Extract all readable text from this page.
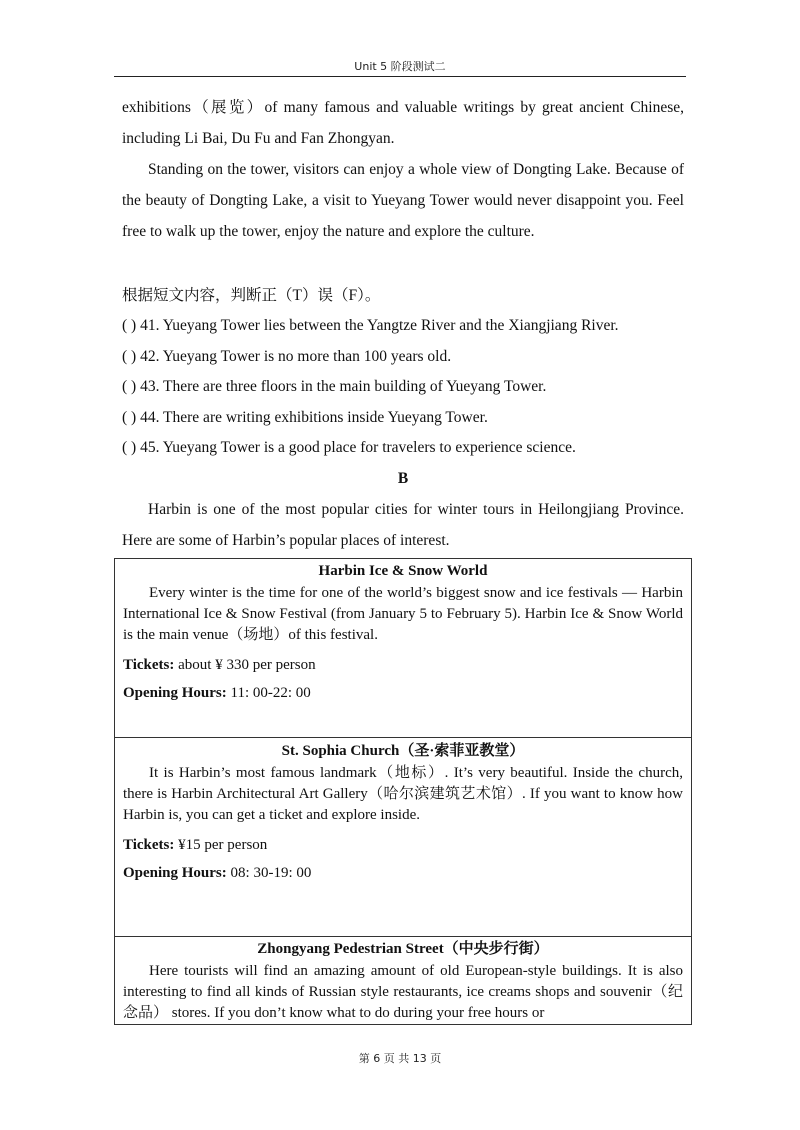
Unit 5 阶段测试二

exhibitions（展览）of many famous and valuable writings by great ancient Chinese, including Li Bai, Du Fu and Fan Zhongyan.

Standing on the tower, visitors can enjoy a whole view of Dongting Lake. Because of the beauty of Dongting Lake, a visit to Yueyang Tower would never disappoint you. Feel free to walk up the tower, enjoy the nature and explore the culture.

根据短文内容，判断正（T）误（F）。

( ) 41. Yueyang Tower lies between the Yangtze River and the Xiangjiang River.

( ) 42. Yueyang Tower is no more than 100 years old.

( ) 43. There are three floors in the main building of Yueyang Tower.

( ) 44. There are writing exhibitions inside Yueyang Tower.

( ) 45. Yueyang Tower is a good place for travelers to experience science.

B

Harbin is one of the most popular cities for winter tours in Heilongjiang Province. Here are some of Harbin’s popular places of interest.

Harbin Ice & Snow World

Every winter is the time for one of the world’s biggest snow and ice festivals — Harbin International Ice & Snow Festival (from January 5 to February 5). Harbin Ice & Snow World is the main venue（场地）of this festival.

Tickets: about ¥ 330 per person

Opening Hours: 11: 00-22: 00

St. Sophia Church（圣·索菲亚教堂）

It is Harbin’s most famous landmark（地标）. It’s very beautiful. Inside the church, there is Harbin Architectural Art Gallery（哈尔滨建筑艺术馆）. If you want to know how Harbin is, you can get a ticket and explore inside.

Tickets: ¥15 per person

Opening Hours: 08: 30-19: 00

Zhongyang Pedestrian Street（中央步行街）

Here tourists will find an amazing amount of old European-style buildings. It is also interesting to find all kinds of Russian style restaurants, ice creams shops and souvenir（纪念品） stores. If you don’t know what to do during your free hours or

第 6 页 共 13 页
